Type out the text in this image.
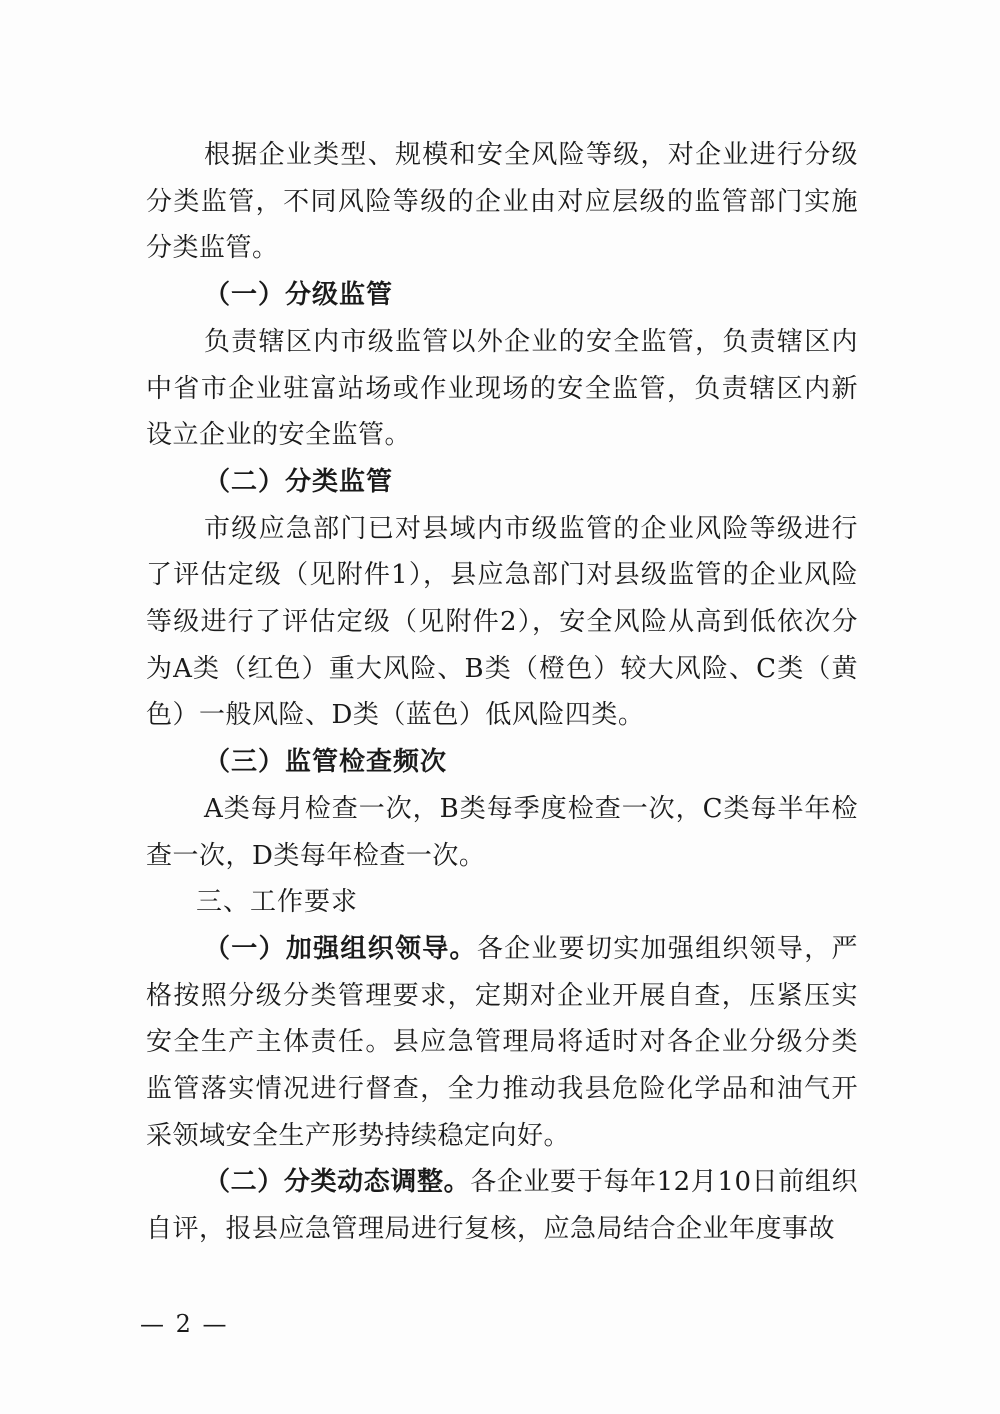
根据企业类型、规模和安全风险等级，对企业进行分级分类监管，不同风险等级的企业由对应层级的监管部门实施分类监管。

（一）分级监管

负责辖区内市级监管以外企业的安全监管，负责辖区内中省市企业驻富站场或作业现场的安全监管，负责辖区内新设立企业的安全监管。

（二）分类监管

市级应急部门已对县域内市级监管的企业风险等级进行了评估定级（见附件1），县应急部门对县级监管的企业风险等级进行了评估定级（见附件2），安全风险从高到低依次分为A类（红色）重大风险、B类（橙色）较大风险、C类（黄色）一般风险、D类（蓝色）低风险四类。

（三）监管检查频次

A类每月检查一次，B类每季度检查一次，C类每半年检查一次，D类每年检查一次。

三、工作要求

（一）加强组织领导。各企业要切实加强组织领导，严格按照分级分类管理要求，定期对企业开展自查，压紧压实安全生产主体责任。县应急管理局将适时对各企业分级分类监管落实情况进行督查，全力推动我县危险化学品和油气开采领域安全生产形势持续稳定向好。

（二）分类动态调整。各企业要于每年12月10日前组织自评，报县应急管理局进行复核，应急局结合企业年度事故

— 2 —
